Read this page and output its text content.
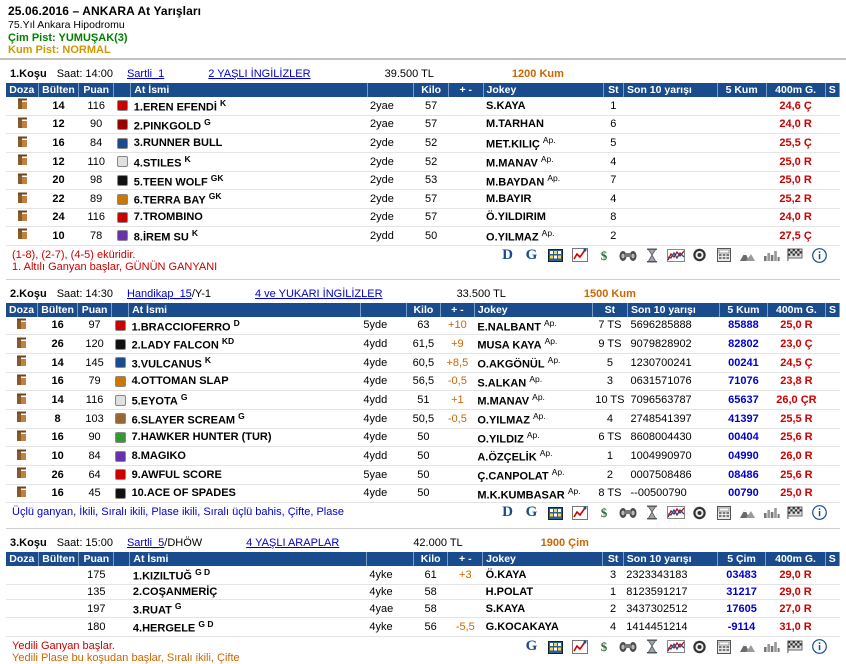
25.06.2016 – ANKARA At Yarışları
75.Yıl Ankara Hipodromu
Çim Pist: YUMUŞAK(3)
Kum Pist: NORMAL
1.Koşu Saat: 14:00 Sartli_1	2 YAŞLI İNGİLİZLER	39.500 TL	1200 Kum
Doza	Bülten	Puan		At İsmi		Kilo	+ -	Jokey	St	Son 10 yarışı	5 Kum	400m G.	S
	14	116		1.EREN EFENDİ $^K$	2yae	57		S.KAYA	1			24,6 Ç	
	12	90		2.PINKGOLD $^G$	2yae	57		M.TARHAN	6			24,0 R	
	16	84		3.RUNNER BULL	2yde	52		MET.KILIÇ $^{Ap.}$	5			25,5 Ç	
	12	110		4.STILES $^K$	2yde	52		M.MANAV $^{Ap.}$	4			25,0 R	
	20	98		5.TEEN WOLF $^{GK}$	2yde	53		M.BAYDAN $^{Ap.}$	7			25,0 R	
	22	89		6.TERRA BAY $^{GK}$	2yde	57		M.BAYIR	4			25,2 R	
	24	116		7.TROMBINO	2yde	57		Ö.YILDIRIM	8			24,0 R	
	10	78		8.İREM SU $^K$	2ydd	50		O.YILMAZ $^{Ap.}$	2			27,5 Ç	
(1-8), (2-7), (4-5) eküridir.
1. Altılı Ganyan başlar, GÜNÜN GANYANI
D G	$
2.Koşu Saat: 14:30 Handikap_15 /Y-1	4 ve YUKARI İNGİLİZLER	33.500 TL	1500 Kum
Doza	Bülten	Puan		At İsmi		Kilo	+ -	Jokey	St	Son 10 yarışı	5 Kum	400m G.	S
	16	97		1.BRACCIOFERRO $^D$	5yde	63	+10	E.NALBANT $^{Ap.}$	7 TS	5696285888	85888	25,0 R	
	26	120		2.LADY FALCON $^{KD}$	4ydd	61,5	+9	MUSA KAYA $^{Ap.}$	9 TS	9079828902	82802	23,0 Ç	
	14	145		3.VULCANUS $^K$	4yde	60,5	+8,5	O.AKGÖNÜL $^{Ap.}$	5	1230700241	00241	24,5 Ç	
	16	79		4.OTTOMAN SLAP	4yde	56,5	-0,5	S.ALKAN $^{Ap.}$	3	0631571076	71076	23,8 R	
	14	116		5.EYOTA $^G$	4ydd	51	+1	M.MANAV $^{Ap.}$	10 TS	7096563787	65637	26,0 ÇR	
	8	103		6.SLAYER SCREAM $^G$	4yde	50,5	-0,5	O.YILMAZ $^{Ap.}$	4	2748541397	41397	25,5 R	
	16	90		7.HAWKER HUNTER (TUR)	4yde	50		O.YILDIZ $^{Ap.}$	6 TS	8608004430	00404	25,6 R	
	10	84		8.MAGIKO	4ydd	50		A.ÖZÇELİK $^{Ap.}$	1	1004990970	04990	26,0 R	
	26	64		9.AWFUL SCORE	5yae	50		Ç.CANPOLAT $^{Ap.}$	2	0007508486	08486	25,6 R	
	16	45		10.ACE OF SPADES	4yde	50		M.K.KUMBASAR $^{Ap.}$	8 TS	--00500790	00790	25,0 R	
Üçlü ganyan, İkili, Sıralı ikili, Plase ikili, Sıralı üçlü bahis, Çifte, Plase	D G	$
3.Koşu Saat: 15:00 Sartli_5 /DHÖW	4 YAŞLI ARAPLAR	42.000 TL	1900 Çim
Doza	Bülten	Puan		At İsmi		Kilo	+ -	Jokey	St	Son 10 yarışı	5 Çim	400m G.	S
		175		1.KIZILTUĞ $^{G D}$	4yke	61	+3	Ö.KAYA	3	2323343183	03483	29,0 R	
		135		2.COŞANMERİÇ	4yke	58		H.POLAT	1	8123591217	31217	29,0 R	
		197		3.RUAT $^G$	4yae	58		S.KAYA	2	3437302512	17605	27,0 R	
		180		4.HERGELE $^{G D}$	4yke	56	-5,5	G.KOCAKAYA	4	1414451214	-9114	31,0 R	
Yedili Ganyan başlar.
Yedili Plase bu koşudan başlar, Sıralı ikili, Çifte
G	$
